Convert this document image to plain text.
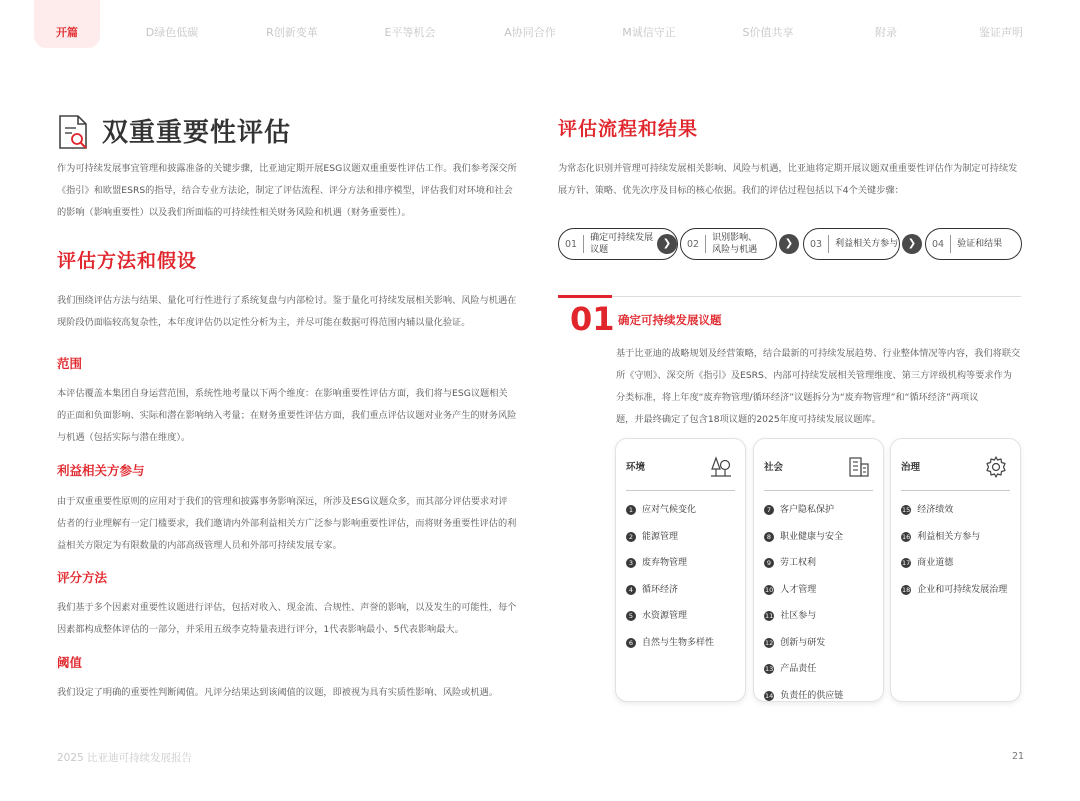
开篇	D绿色低碳	R创新变革	E平等机会	A协同合作	M诚信守正	S价值共享	附录	鉴证声明
双重重要性评估
作为可持续发展事宜管理和披露准备的关键步骤，比亚迪定期开展ESG议题双重重要性评估工作。我们参考深交所
《指引》和欧盟ESRS的指导，结合专业方法论，制定了评估流程、评分方法和排序模型，评估我们对环境和社会
的影响（影响重要性）以及我们所面临的可持续性相关财务风险和机遇（财务重要性）。
评估方法和假设
我们围绕评估方法与结果、量化可行性进行了系统复盘与内部检讨。鉴于量化可持续发展相关影响、风险与机遇在
现阶段仍面临较高复杂性，本年度评估仍以定性分析为主，并尽可能在数据可得范围内辅以量化验证。
范围
本评估覆盖本集团自身运营范围，系统性地考量以下两个维度：在影响重要性评估方面，我们将与ESG议题相关
的正面和负面影响、实际和潜在影响纳入考量；在财务重要性评估方面，我们重点评估议题对业务产生的财务风险
与机遇（包括实际与潜在维度）。
利益相关方参与
由于双重重要性原则的应用对于我们的管理和披露事务影响深远，所涉及ESG议题众多，而其部分评估要求对评
估者的行业理解有一定门槛要求，我们邀请内外部利益相关方广泛参与影响重要性评估，而将财务重要性评估的利
益相关方限定为有限数量的内部高级管理人员和外部可持续发展专家。
评分方法
我们基于多个因素对重要性议题进行评估，包括对收入、现金流、合规性、声誉的影响，以及发生的可能性，每个
因素都构成整体评估的一部分，并采用五级李克特量表进行评分，1代表影响最小、5代表影响最大。
阈值
我们设定了明确的重要性判断阈值。凡评分结果达到该阈值的议题，即被视为具有实质性影响、风险或机遇。
评估流程和结果
为常态化识别并管理可持续发展相关影响、风险与机遇，比亚迪将定期开展议题双重重要性评估作为制定可持续发
展方针、策略、优先次序及目标的核心依据。我们的评估过程包括以下4个关键步骤：
01
确定可持续发展
议题
❯	02
识别影响、
风险与机遇
❯	03 利益相关方参与 ❯	04 验证和结果
01 确定可持续发展议题
基于比亚迪的战略规划及经营策略，结合最新的可持续发展趋势、行业整体情况等内容，我们将联交
所《守则》、深交所《指引》及ESRS、内部可持续发展相关管理维度、第三方评级机构等要求作为
分类标准，将上年度“废弃物管理/循环经济”议题拆分为“废弃物管理”和“循环经济”两项议
题，并最终确定了包含18项议题的2025年度可持续发展议题库。
环境
1 应对气候变化
2 能源管理
3 废弃物管理
4 循环经济
5 水资源管理
6 自然与生物多样性
社会
7 客户隐私保护
8 职业健康与安全
9 劳工权利
10 人才管理
11 社区参与
12 创新与研发
13 产品责任
14 负责任的供应链
治理
15 经济绩效
16 利益相关方参与
17 商业道德
18 企业和可持续发展治理
2025 比亚迪可持续发展报告	21
